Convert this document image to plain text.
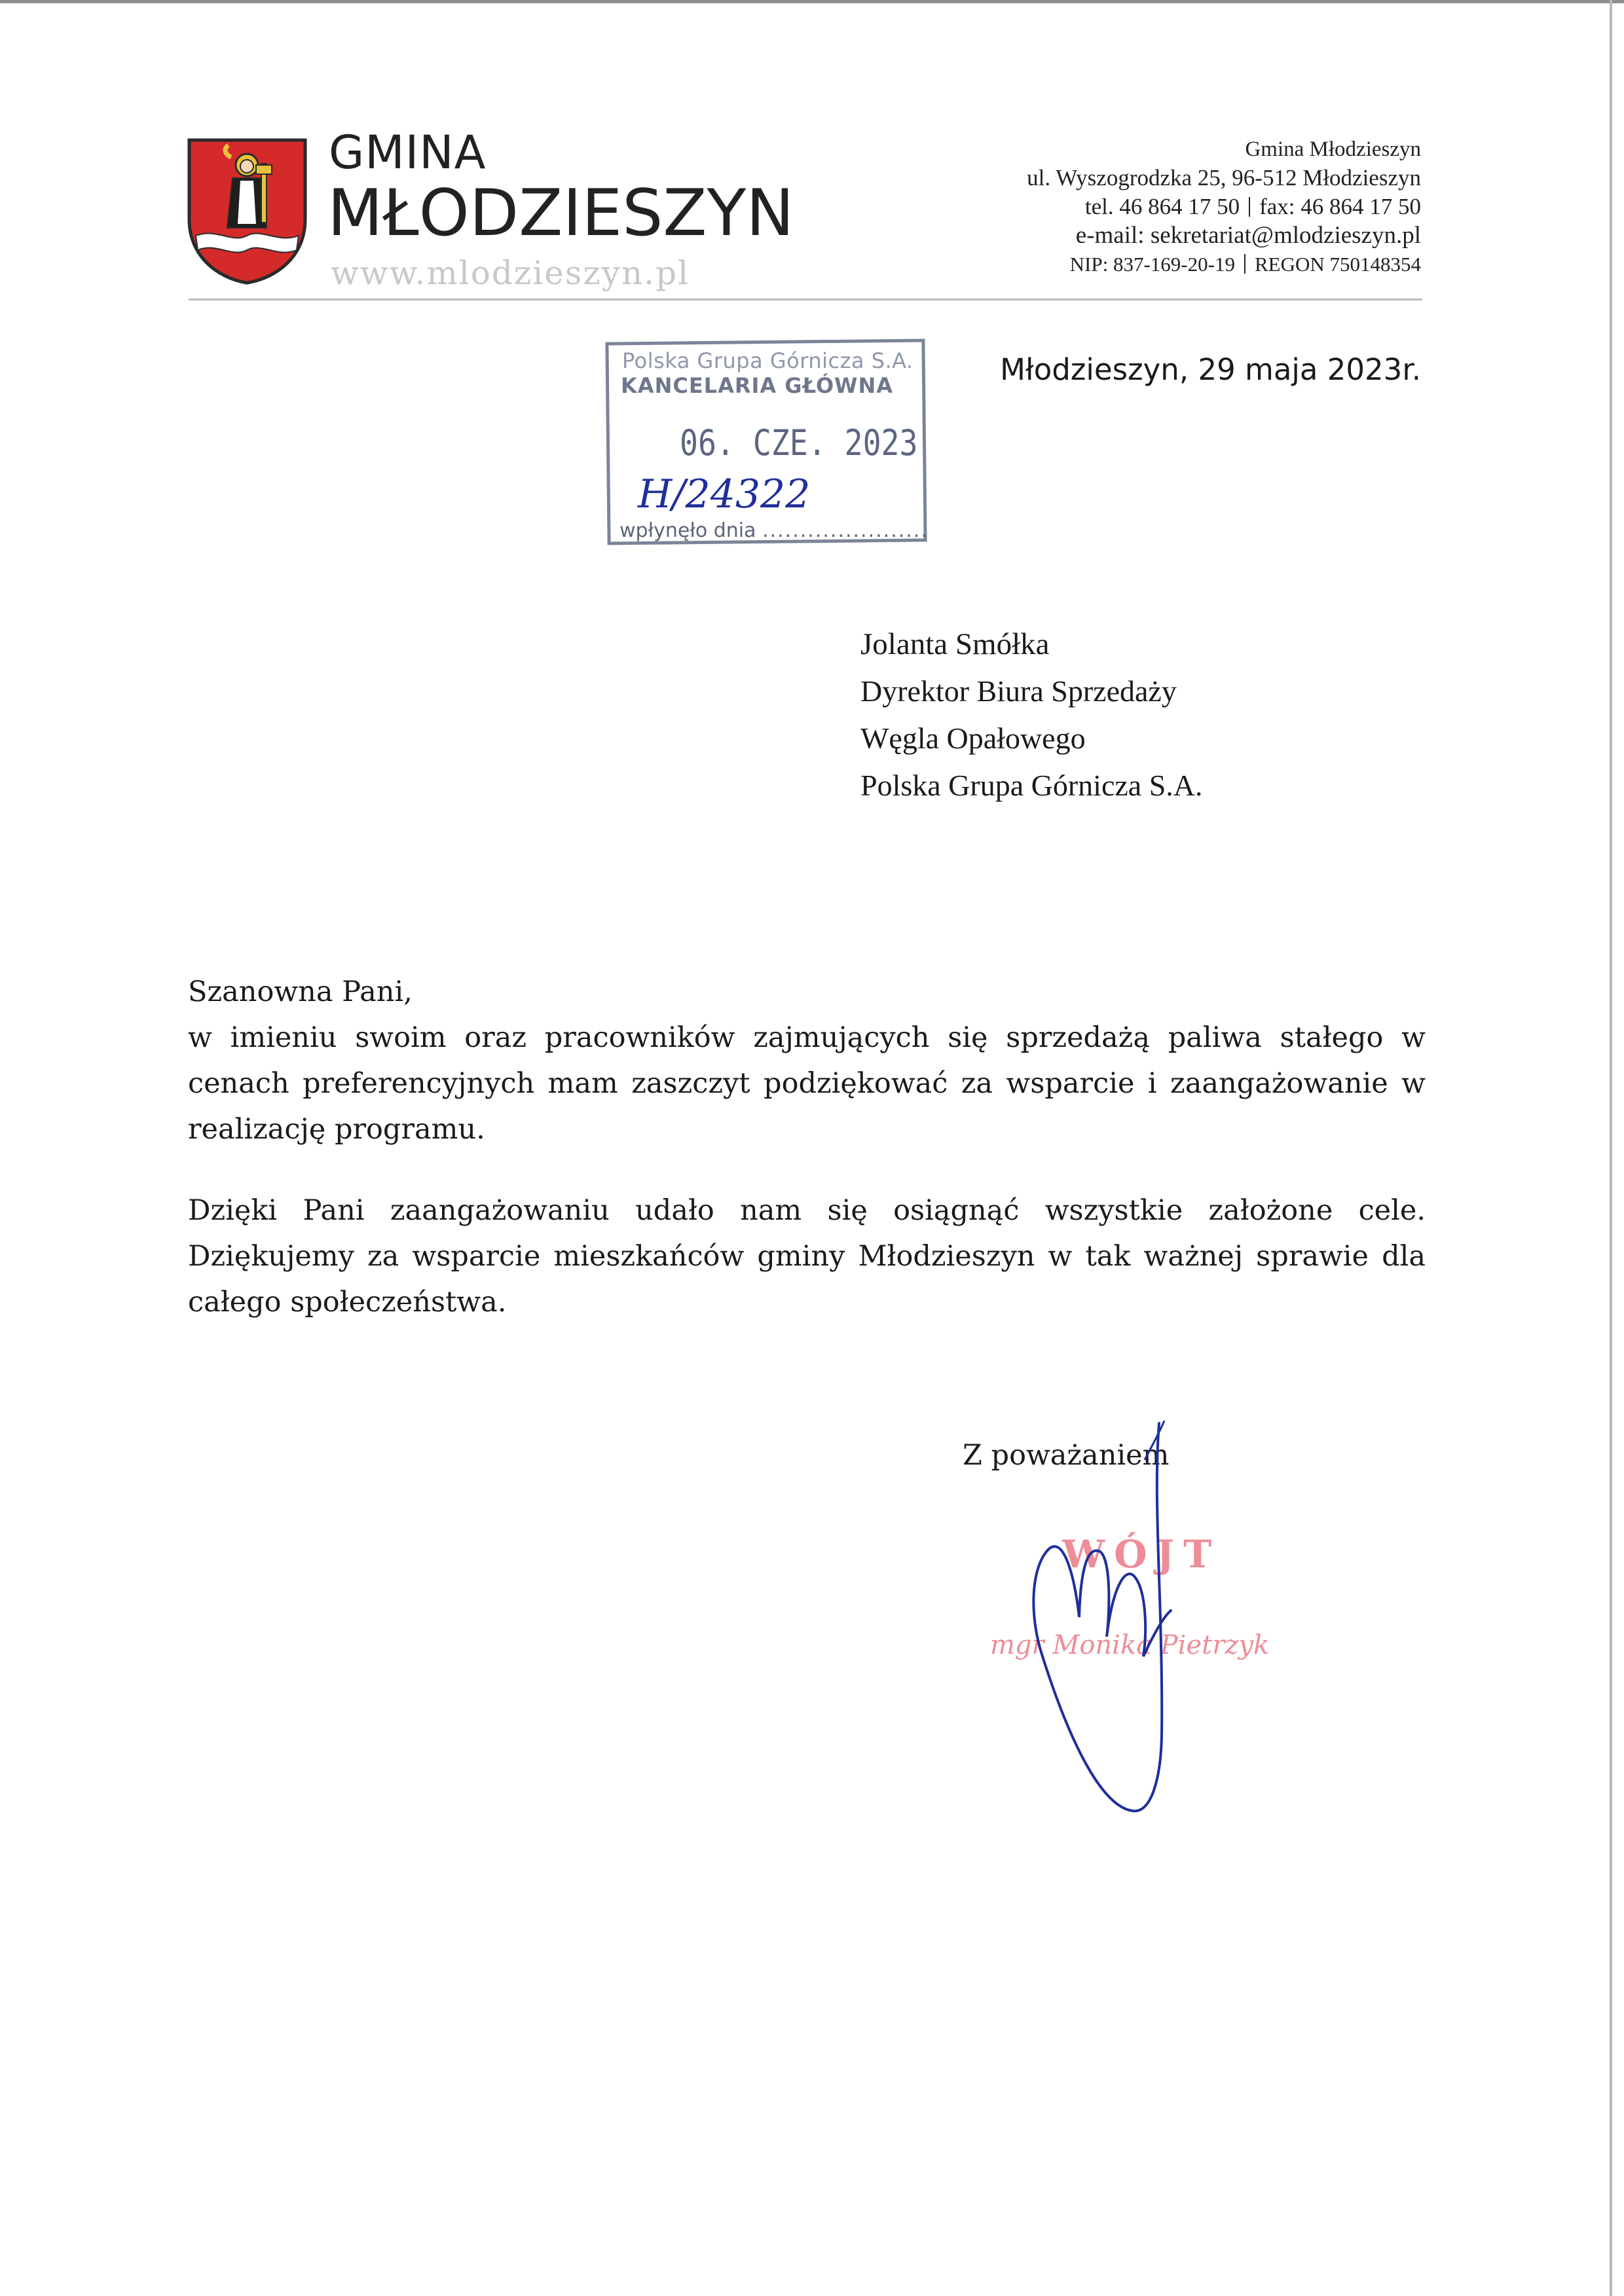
GMINA
MŁODZIESZYN
www.mlodzieszyn.pl
Gmina Młodzieszyn
ul. Wyszogrodzka 25, 96-512 Młodzieszyn
tel. 46 864 17 50 fax: 46 864 17 50
e-mail: sekretariat@mlodzieszyn.pl
NIP: 837-169-20-19 REGON 750148354
Polska Grupa Górnicza S.A.
KANCELARIA GŁÓWNA
06. CZE. 2023
H/24322
wpłynęło dnia ......................
Młodzieszyn, 29 maja 2023r.
Jolanta Smółka
Dyrektor Biura Sprzedaży
Węgla Opałowego
Polska Grupa Górnicza S.A.

Szanowna Pani,

w imieniu swoim oraz pracowników zajmujących się sprzedażą paliwa stałego w cenach preferencyjnych mam zaszczyt podziękować za wsparcie i zaangażowanie w realizację programu.

Dzięki Pani zaangażowaniu udało nam się osiągnąć wszystkie założone cele. Dziękujemy za wsparcie mieszkańców gminy Młodzieszyn w tak ważnej sprawie dla całego społeczeństwa.

Z poważaniem
WÓJT
mgr Monika Pietrzyk
